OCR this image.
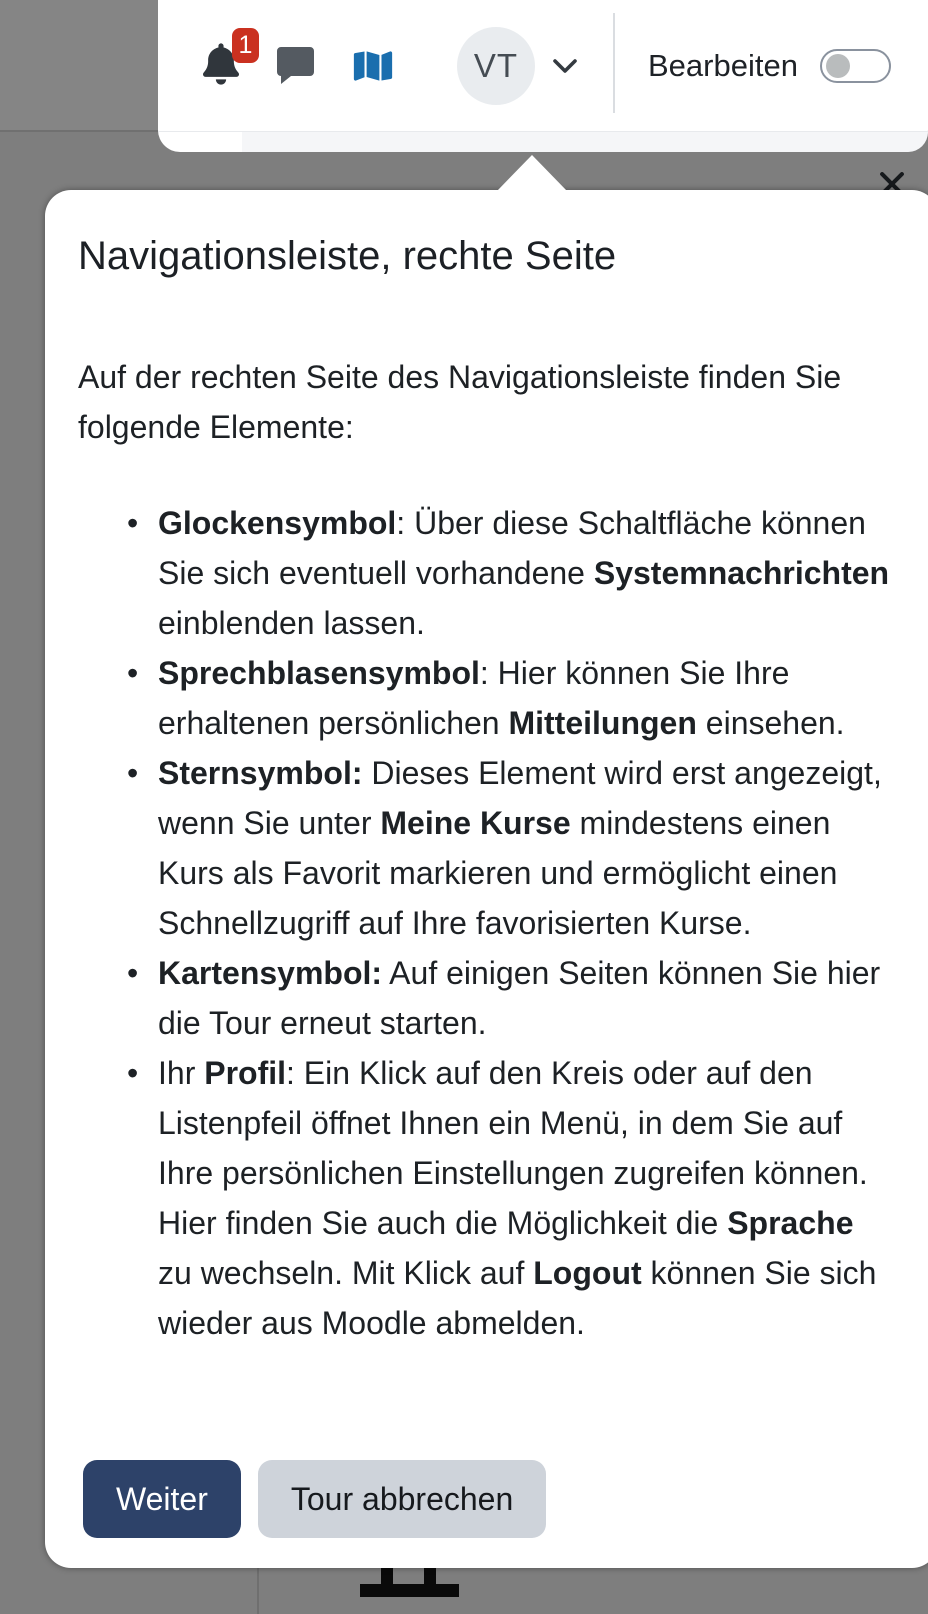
1
VT	Bearbeiten
Navigationsleiste, rechte Seite
Auf der rechten Seite des Navigationsleiste finden Sie
folgende Elemente:
• Glockensymbol: Über diese Schaltfläche können
Sie sich eventuell vorhandene Systemnachrichten
einblenden lassen.
• Sprechblasensymbol: Hier können Sie Ihre
erhaltenen persönlichen Mitteilungen einsehen.
• Sternsymbol: Dieses Element wird erst angezeigt,
wenn Sie unter Meine Kurse mindestens einen
Kurs als Favorit markieren und ermöglicht einen
Schnellzugriff auf Ihre favorisierten Kurse.
• Kartensymbol: Auf einigen Seiten können Sie hier
die Tour erneut starten.
• Ihr Profil: Ein Klick auf den Kreis oder auf den
Listenpfeil öffnet Ihnen ein Menü, in dem Sie auf
Ihre persönlichen Einstellungen zugreifen können.
Hier finden Sie auch die Möglichkeit die Sprache
zu wechseln. Mit Klick auf Logout können Sie sich
wieder aus Moodle abmelden.
Weiter	Tour abbrechen
